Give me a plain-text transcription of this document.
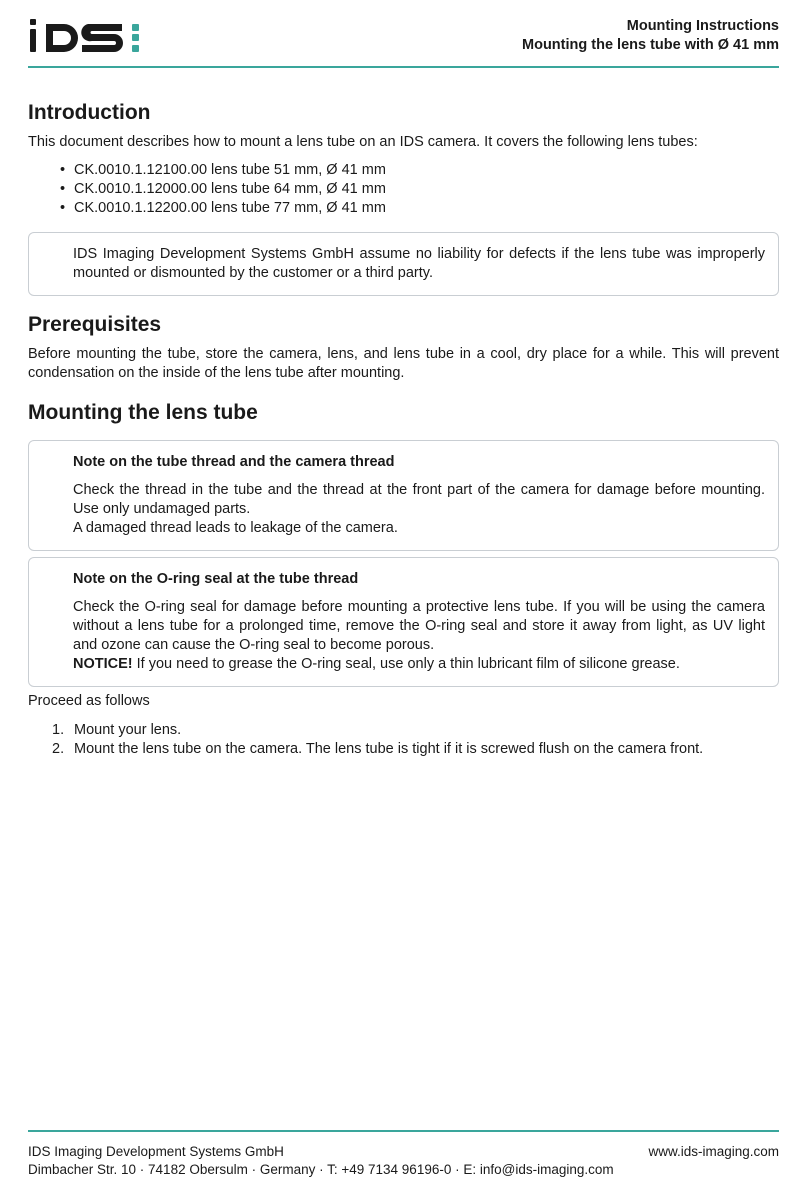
Mounting Instructions
Mounting the lens tube with Ø 41 mm
Introduction

This document describes how to mount a lens tube on an IDS camera. It covers the following lens tubes:

• CK.0010.1.12100.00 lens tube 51 mm, Ø 41 mm
• CK.0010.1.12000.00 lens tube 64 mm, Ø 41 mm
• CK.0010.1.12200.00 lens tube 77 mm, Ø 41 mm

IDS Imaging Development Systems GmbH assume no liability for defects if the lens tube was improperly mounted or dismounted by the customer or a third party.

Prerequisites

Before mounting the tube, store the camera, lens, and lens tube in a cool, dry place for a while. This will prevent condensation on the inside of the lens tube after mounting.

Mounting the lens tube
Note on the tube thread and the camera thread

Check the thread in the tube and the thread at the front part of the camera for damage before mounting. Use only undamaged parts.

A damaged thread leads to leakage of the camera.

Note on the O-ring seal at the tube thread

Check the O-ring seal for damage before mounting a protective lens tube. If you will be using the camera without a lens tube for a prolonged time, remove the O-ring seal and store it away from light, as UV light and ozone can cause the O-ring seal to become porous.

NOTICE! If you need to grease the O-ring seal, use only a thin lubricant film of silicone grease.

Proceed as follows

1. Mount your lens.
2. Mount the lens tube on the camera. The lens tube is tight if it is screwed flush on the camera front.
IDS Imaging Development Systems GmbH
Dimbacher Str. 10 · 74182 Obersulm · Germany · T: +49 7134 96196-0 · E: info@ids-imaging.com
www.ids-imaging.com
